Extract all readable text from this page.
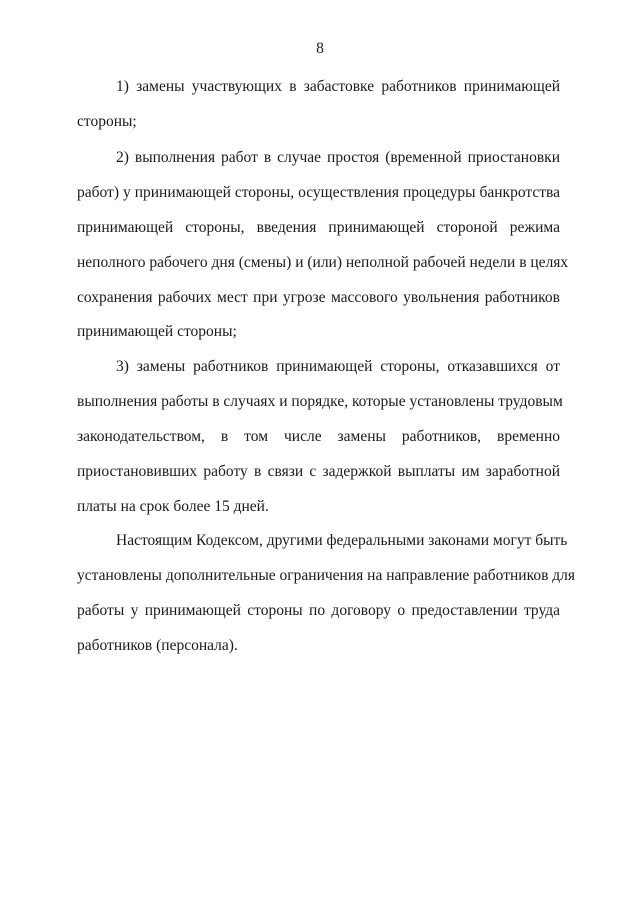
8
1) замены участвующих в забастовке работников принимающей
стороны;
2) выполнения работ в случае простоя (временной приостановки
работ) у принимающей стороны, осуществления процедуры банкротства
принимающей стороны, введения принимающей стороной режима
неполного рабочего дня (смены) и (или) неполной рабочей недели в целях
сохранения рабочих мест при угрозе массового увольнения работников
принимающей стороны;
3) замены работников принимающей стороны, отказавшихся от
выполнения работы в случаях и порядке, которые установлены трудовым
законодательством, в том числе замены работников, временно
приостановивших работу в связи с задержкой выплаты им заработной
платы на срок более 15 дней.
Настоящим Кодексом, другими федеральными законами могут быть
установлены дополнительные ограничения на направление работников для
работы у принимающей стороны по договору о предоставлении труда
работников (персонала).
